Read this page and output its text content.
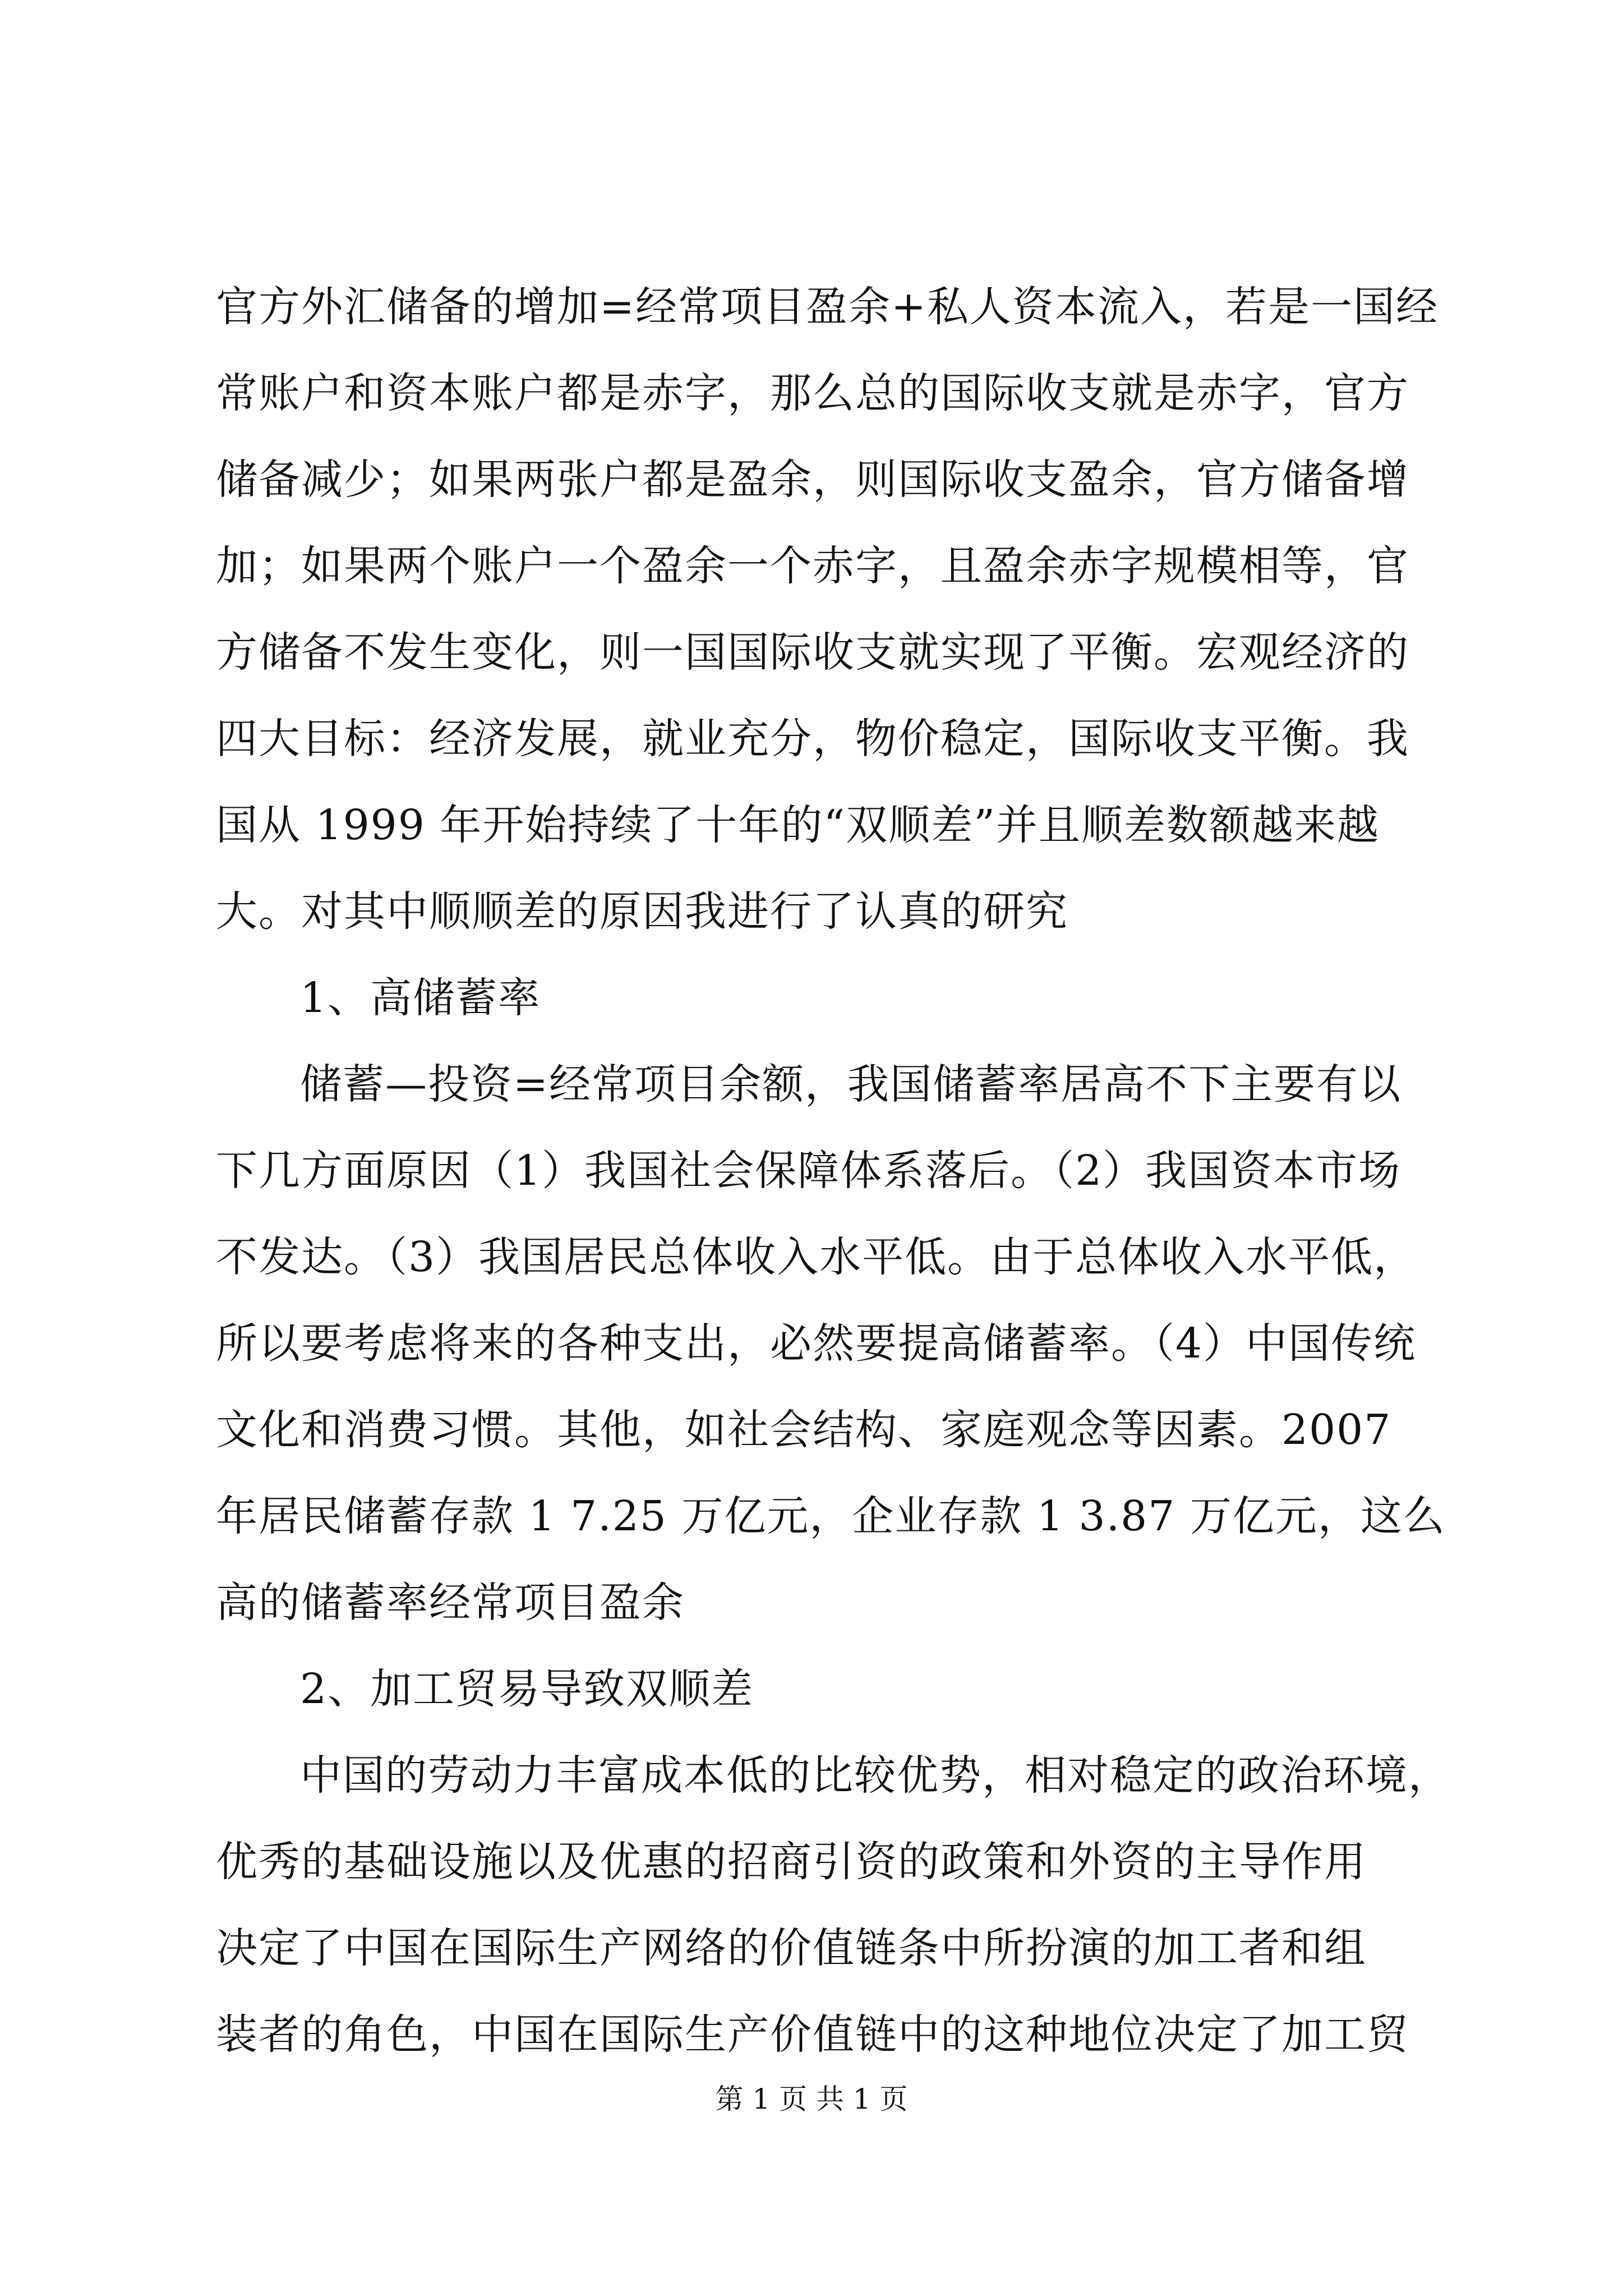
官方外汇储备的增加=经常项目盈余+私人资本流入，若是一国经
常账户和资本账户都是赤字，那么总的国际收支就是赤字，官方
储备减少；如果两张户都是盈余，则国际收支盈余，官方储备增
加；如果两个账户一个盈余一个赤字，且盈余赤字规模相等，官
方储备不发生变化，则一国国际收支就实现了平衡。宏观经济的
四大目标：经济发展，就业充分，物价稳定，国际收支平衡。我
国从 1999 年开始持续了十年的“双顺差”并且顺差数额越来越
大。对其中顺顺差的原因我进行了认真的研究
1、高储蓄率
储蓄—投资=经常项目余额，我国储蓄率居高不下主要有以
下几方面原因（1）我国社会保障体系落后。（2）我国资本市场
不发达。（3）我国居民总体收入水平低。由于总体收入水平低，
所以要考虑将来的各种支出，必然要提高储蓄率。（4）中国传统
文化和消费习惯。其他，如社会结构、家庭观念等因素。2007
年居民储蓄存款 1 7.25 万亿元，企业存款 1 3.87 万亿元，这么
高的储蓄率经常项目盈余
2、加工贸易导致双顺差
中国的劳动力丰富成本低的比较优势，相对稳定的政治环境，
优秀的基础设施以及优惠的招商引资的政策和外资的主导作用
决定了中国在国际生产网络的价值链条中所扮演的加工者和组
装者的角色，中国在国际生产价值链中的这种地位决定了加工贸
第 1 页 共 1 页
